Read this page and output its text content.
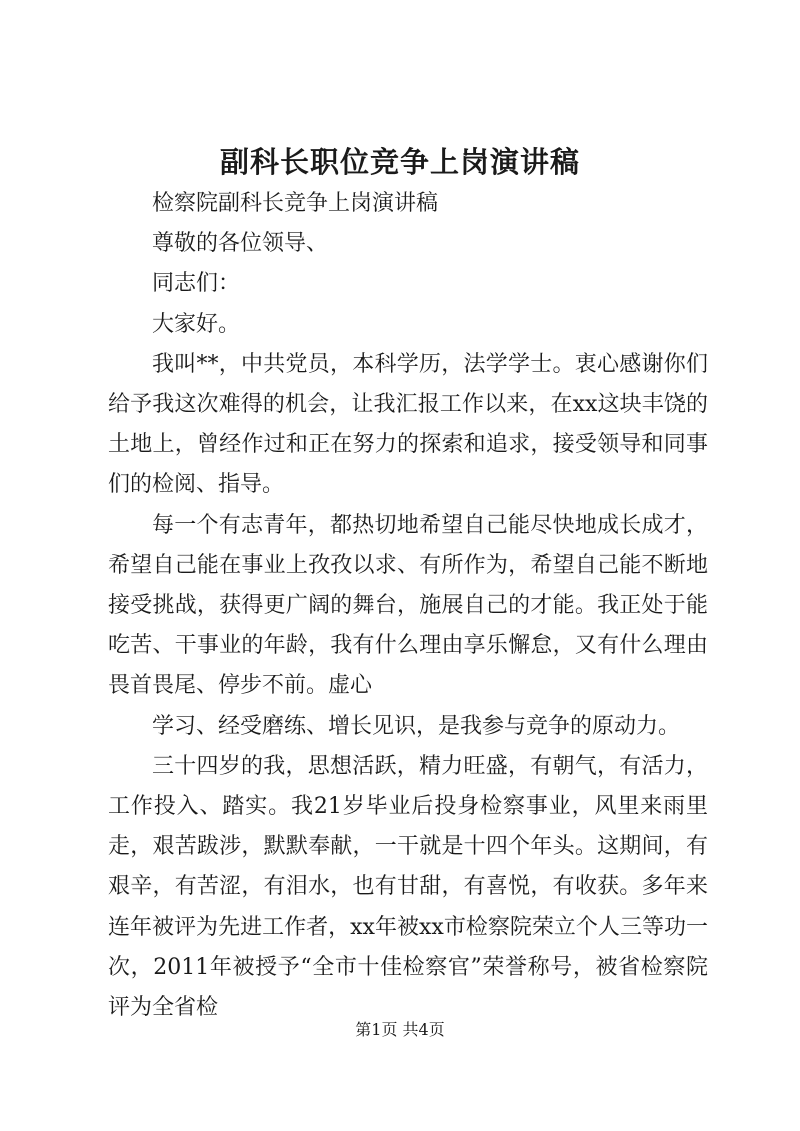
副科长职位竞争上岗演讲稿

检察院副科长竞争上岗演讲稿

尊敬的各位领导、

同志们：

大家好。

我叫**，中共党员，本科学历，法学学士。衷心感谢你们给予我这次难得的机会，让我汇报工作以来，在xx这块丰饶的土地上，曾经作过和正在努力的探索和追求，接受领导和同事们的检阅、指导。

每一个有志青年，都热切地希望自己能尽快地成长成才，希望自己能在事业上孜孜以求、有所作为，希望自己能不断地接受挑战，获得更广阔的舞台，施展自己的才能。我正处于能吃苦、干事业的年龄，我有什么理由享乐懈怠，又有什么理由畏首畏尾、停步不前。虚心

学习、经受磨练、增长见识，是我参与竞争的原动力。

三十四岁的我，思想活跃，精力旺盛，有朝气，有活力，工作投入、踏实。我21岁毕业后投身检察事业，风里来雨里走，艰苦跋涉，默默奉献，一干就是十四个年头。这期间，有艰辛，有苦涩，有泪水，也有甘甜，有喜悦，有收获。多年来连年被评为先进工作者，xx年被xx市检察院荣立个人三等功一次，2011年被授予“全市十佳检察官”荣誉称号，被省检察院评为全省检

第1页 共4页
